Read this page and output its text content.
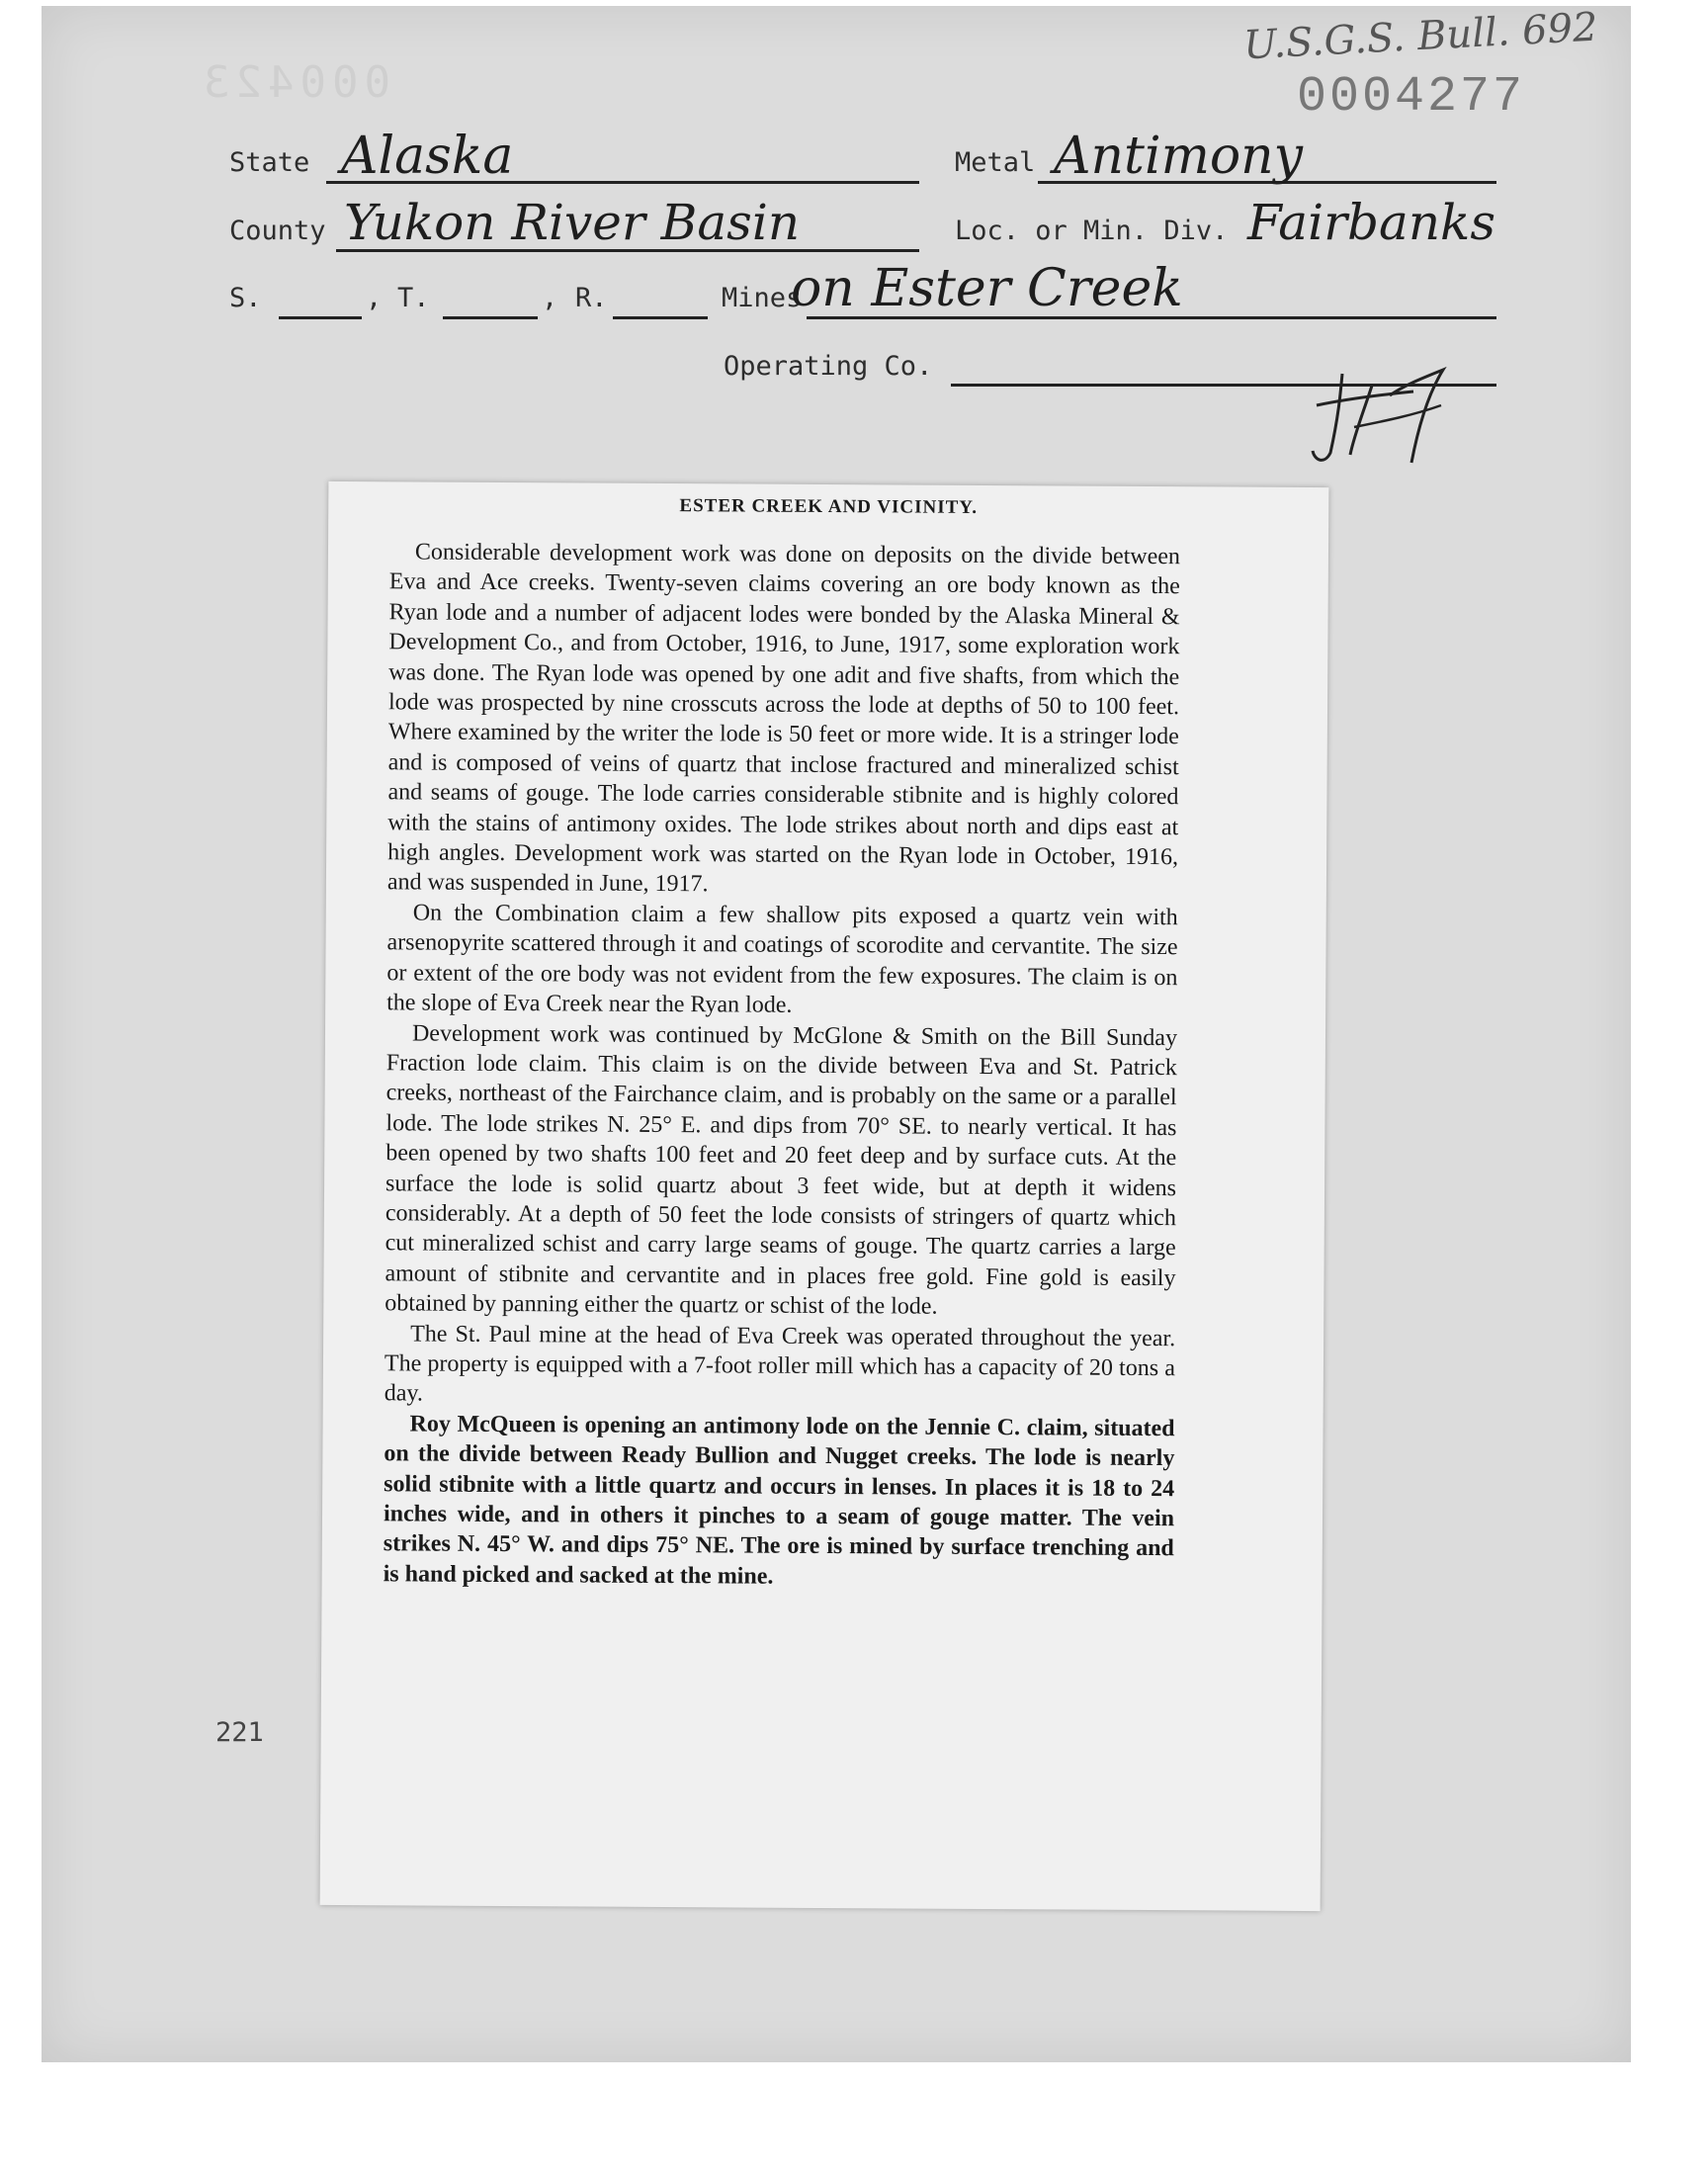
000423
U.S.G.S. Bull. 692
0004277
State Alaska	Metal Antimony
County Yukon River Basin	Loc. or Min. Div. Fairbanks
S.	, T.	, R.	Mines
on Ester Creek
Operating Co.
221
ESTER CREEK AND VICINITY.

Considerable development work was done on deposits on the divide between Eva and Ace creeks. Twenty-seven claims covering an ore body known as the Ryan lode and a number of adjacent lodes were bonded by the Alaska Mineral & Development Co., and from October, 1916, to June, 1917, some exploration work was done. The Ryan lode was opened by one adit and five shafts, from which the lode was prospected by nine crosscuts across the lode at depths of 50 to 100 feet. Where examined by the writer the lode is 50 feet or more wide. It is a stringer lode and is composed of veins of quartz that inclose fractured and mineralized schist and seams of gouge. The lode carries considerable stibnite and is highly colored with the stains of antimony oxides. The lode strikes about north and dips east at high angles. Development work was started on the Ryan lode in October, 1916, and was suspended in June, 1917.

On the Combination claim a few shallow pits exposed a quartz vein with arsenopyrite scattered through it and coatings of scorodite and cervantite. The size or extent of the ore body was not evident from the few exposures. The claim is on the slope of Eva Creek near the Ryan lode.

Development work was continued by McGlone & Smith on the Bill Sunday Fraction lode claim. This claim is on the divide between Eva and St. Patrick creeks, northeast of the Fairchance claim, and is probably on the same or a parallel lode. The lode strikes N. 25° E. and dips from 70° SE. to nearly vertical. It has been opened by two shafts 100 feet and 20 feet deep and by surface cuts. At the surface the lode is solid quartz about 3 feet wide, but at depth it widens considerably. At a depth of 50 feet the lode consists of stringers of quartz which cut mineralized schist and carry large seams of gouge. The quartz carries a large amount of stibnite and cervantite and in places free gold. Fine gold is easily obtained by panning either the quartz or schist of the lode.

The St. Paul mine at the head of Eva Creek was operated throughout the year. The property is equipped with a 7-foot roller mill which has a capacity of 20 tons a day.

Roy McQueen is opening an antimony lode on the Jennie C. claim, situated on the divide between Ready Bullion and Nugget creeks. The lode is nearly solid stibnite with a little quartz and occurs in lenses. In places it is 18 to 24 inches wide, and in others it pinches to a seam of gouge matter. The vein strikes N. 45° W. and dips 75° NE. The ore is mined by surface trenching and is hand picked and sacked at the mine.
